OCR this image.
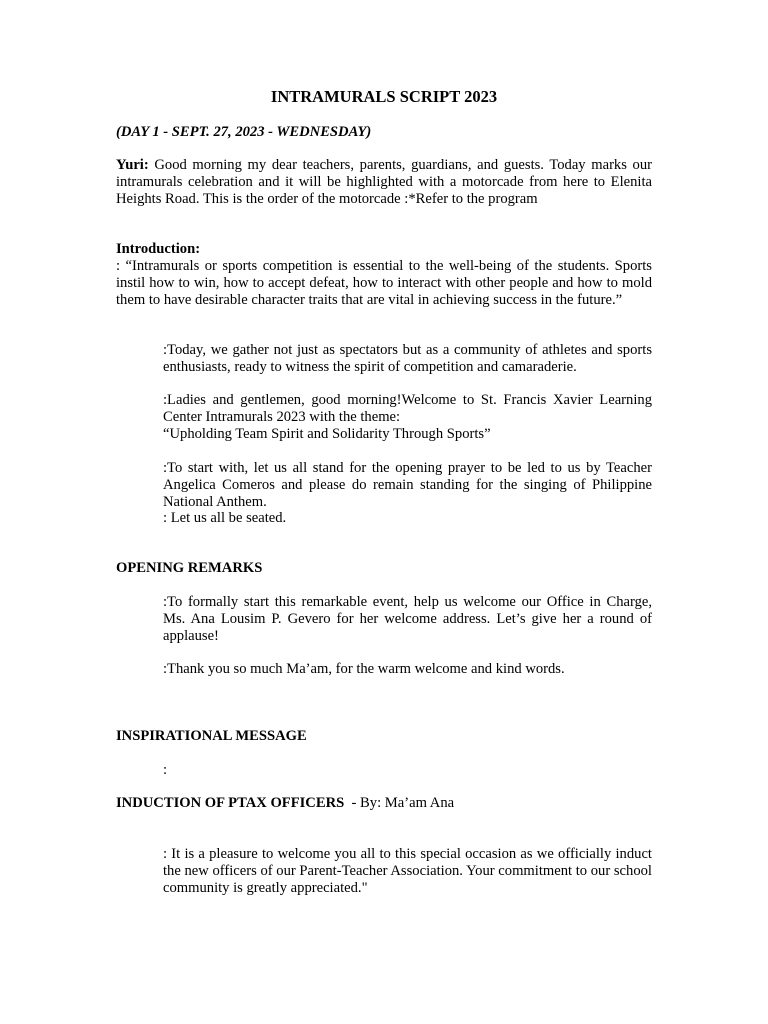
INTRAMURALS SCRIPT 2023
(DAY 1 - SEPT. 27, 2023 - WEDNESDAY)
Yuri: Good morning my dear teachers, parents, guardians, and guests. Today marks our intramurals celebration and it will be highlighted with a motorcade from here to Elenita Heights Road. This is the order of the motorcade :*Refer to the program
Introduction:
: “Intramurals or sports competition is essential to the well-being of the students. Sports instil how to win, how to accept defeat, how to interact with other people and how to mold them to have desirable character traits that are vital in achieving success in the future.”
:Today, we gather not just as spectators but as a community of athletes and sports enthusiasts, ready to witness the spirit of competition and camaraderie.
:Ladies and gentlemen, good morning!Welcome to St. Francis Xavier Learning Center Intramurals 2023 with the theme:
“Upholding Team Spirit and Solidarity Through Sports”
:To start with, let us all stand for the opening prayer to be led to us by Teacher Angelica Comeros and please do remain standing for the singing of Philippine National Anthem.
: Let us all be seated.
OPENING REMARKS
:To formally start this remarkable event, help us welcome our Office in Charge, Ms. Ana Lousim P. Gevero for her welcome address. Let’s give her a round of applause!
:Thank you so much Ma’am, for the warm welcome and kind words.
INSPIRATIONAL MESSAGE
:
INDUCTION OF PTAX OFFICERS  - By: Ma’am Ana
: It is a pleasure to welcome you all to this special occasion as we officially induct the new officers of our Parent-Teacher Association. Your commitment to our school community is greatly appreciated."
